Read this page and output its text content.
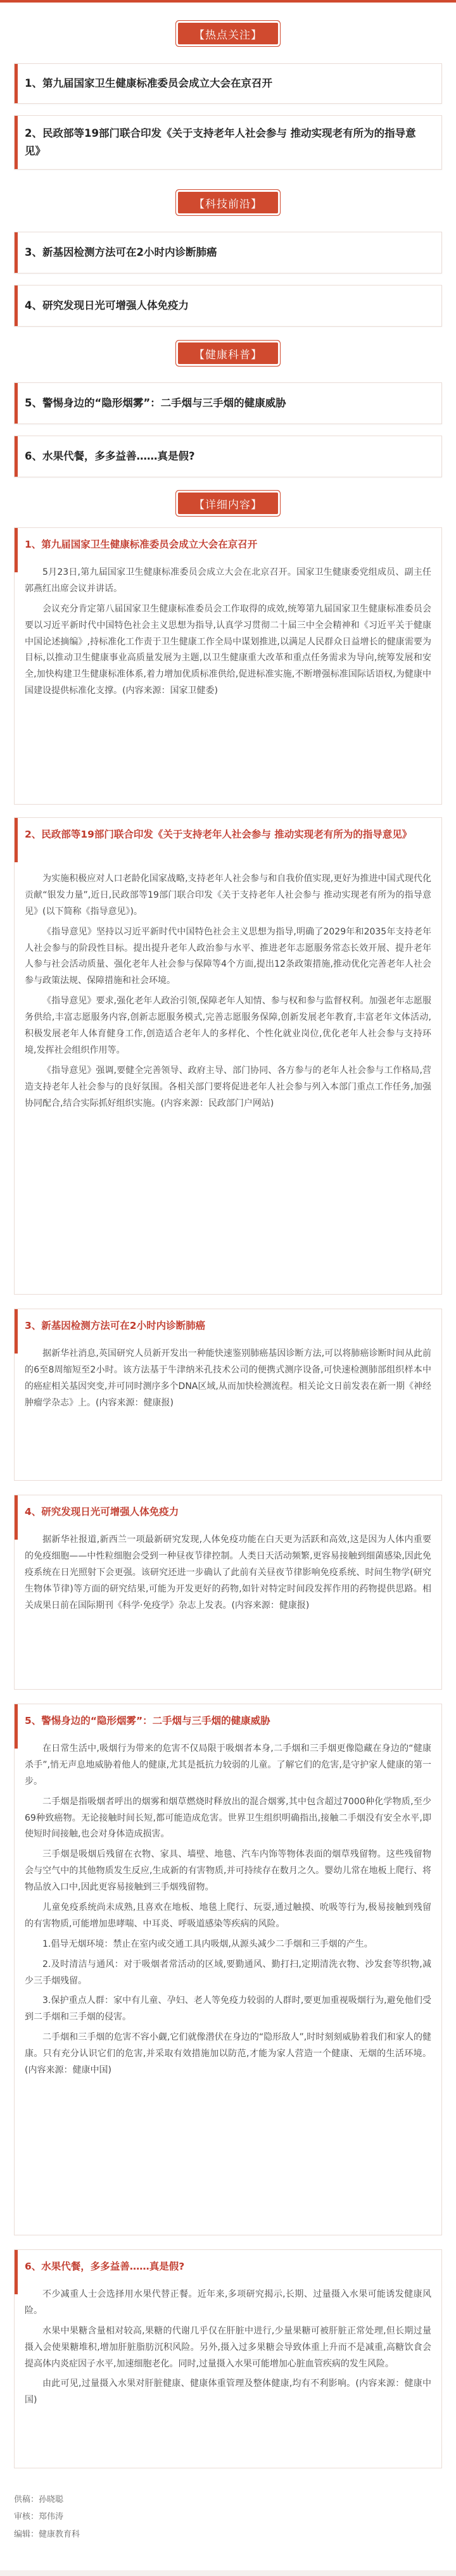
【热点关注】
1、第九届国家卫生健康标准委员会成立大会在京召开
2、民政部等19部门联合印发《关于支持老年人社会参与 推动实现老有所为的指导意见》
【科技前沿】
3、新基因检测方法可在2小时内诊断肺癌
4、研究发现日光可增强人体免疫力
【健康科普】
5、警惕身边的“隐形烟雾”：二手烟与三手烟的健康威胁
6、水果代餐，多多益善……真是假?
【详细内容】
1、第九届国家卫生健康标准委员会成立大会在京召开

5月23日,第九届国家卫生健康标准委员会成立大会在北京召开。国家卫生健康委党组成员、副主任郭燕红出席会议并讲话。

会议充分肯定第八届国家卫生健康标准委员会工作取得的成效,统筹第九届国家卫生健康标准委员会要以习近平新时代中国特色社会主义思想为指导,认真学习贯彻二十届三中全会精神和《习近平关于健康中国论述摘编》,持标准化工作责于卫生健康工作全局中谋划推进,以满足人民群众日益增长的健康需要为目标,以推动卫生健康事业高质量发展为主题,以卫生健康重大改革和重点任务需求为导向,统筹发展和安全,加快构建卫生健康标准体系,着力增加优质标准供给,促进标准实施,不断增强标准国际话语权,为健康中国建设提供标准化支撑。(内容来源：国家卫健委)

2、民政部等19部门联合印发《关于支持老年人社会参与 推动实现老有所为的指导意见》

为实施积极应对人口老龄化国家战略,支持老年人社会参与和自我价值实现,更好为推进中国式现代化贡献“银发力量”,近日,民政部等19部门联合印发《关于支持老年人社会参与 推动实现老有所为的指导意见》(以下简称《指导意见》)。

《指导意见》坚持以习近平新时代中国特色社会主义思想为指导,明确了2029年和2035年支持老年人社会参与的阶段性目标。提出提升老年人政治参与水平、推进老年志愿服务常态长效开展、提升老年人参与社会活动质量、强化老年人社会参与保障等4个方面,提出12条政策措施,推动优化完善老年人社会参与政策法规、保障措施和社会环境。

《指导意见》要求,强化老年人政治引领,保障老年人知情、参与权和参与监督权利。加强老年志愿服务供给,丰富志愿服务内容,创新志愿服务模式,完善志愿服务保障,创新发展老年教育,丰富老年文体活动,积极发展老年人体育健身工作,创造适合老年人的多样化、个性化就业岗位,优化老年人社会参与支持环境,发挥社会组织作用等。

《指导意见》强调,要健全完善领导、政府主导、部门协同、各方参与的老年人社会参与工作格局,营造支持老年人社会参与的良好氛围。各相关部门要将促进老年人社会参与列入本部门重点工作任务,加强协同配合,结合实际抓好组织实施。(内容来源：民政部门户网站)

3、新基因检测方法可在2小时内诊断肺癌

据新华社消息,英国研究人员新开发出一种能快速鉴别肺癌基因诊断方法,可以将肺癌诊断时间从此前的6至8周缩短至2小时。该方法基于牛津纳米孔技术公司的便携式测序设备,可快速检测肺部组织样本中的癌症相关基因突变,并可同时测序多个DNA区域,从而加快检测流程。相关论文日前发表在新一期《神经肿瘤学杂志》上。(内容来源：健康报)

4、研究发现日光可增强人体免疫力

据新华社报道,新西兰一项最新研究发现,人体免疫功能在白天更为活跃和高效,这是因为人体内重要的免疫细胞——中性粒细胞会受到一种昼夜节律控制。人类日天活动频繁,更容易接触到细菌感染,因此免疫系统在日光照射下会更强。该研究还进一步确认了此前有关昼夜节律影响免疫系统、时间生物学(研究生物体节律)等方面的研究结果,可能为开发更好的药物,如针对特定时间段发挥作用的药物提供思路。相关成果日前在国际期刊《科学·免疫学》杂志上发表。(内容来源：健康报)

5、警惕身边的“隐形烟雾”：二手烟与三手烟的健康威胁

在日常生活中,吸烟行为带来的危害不仅局限于吸烟者本身,二手烟和三手烟更像隐藏在身边的“健康杀手”,悄无声息地威胁着他人的健康,尤其是抵抗力较弱的儿童。了解它们的危害,是守护家人健康的第一步。

二手烟是指吸烟者呼出的烟雾和烟草燃烧时释放出的混合烟雾,其中包含超过7000种化学物质,至少69种致癌物。无论接触时间长短,都可能造成危害。世界卫生组织明确指出,接触二手烟没有安全水平,即使短时间接触,也会对身体造成损害。

三手烟是吸烟后残留在衣物、家具、墙壁、地毯、汽车内饰等物体表面的烟草残留物。这些残留物会与空气中的其他物质发生反应,生成新的有害物质,并可持续存在数月之久。婴幼儿常在地板上爬行、将物品放入口中,因此更容易接触到三手烟残留物。

儿童免疫系统尚未成熟,且喜欢在地板、地毯上爬行、玩耍,通过触摸、吮吸等行为,极易接触到残留的有害物质,可能增加患哮喘、中耳炎、呼吸道感染等疾病的风险。

1.倡导无烟环境：禁止在室内或交通工具内吸烟,从源头减少二手烟和三手烟的产生。

2.及时清洁与通风：对于吸烟者常活动的区域,要勤通风、勤打扫,定期清洗衣物、沙发套等织物,减少三手烟残留。

3.保护重点人群：家中有儿童、孕妇、老人等免疫力较弱的人群时,要更加重视吸烟行为,避免他们受到二手烟和三手烟的侵害。

二手烟和三手烟的危害不容小觑,它们就像潜伏在身边的“隐形敌人”,时时刻刻威胁着我们和家人的健康。只有充分认识它们的危害,并采取有效措施加以防范,才能为家人营造一个健康、无烟的生活环境。(内容来源：健康中国)

6、水果代餐，多多益善……真是假?

不少减重人士会选择用水果代替正餐。近年来,多项研究揭示,长期、过量摄入水果可能诱发健康风险。

水果中果糖含量相对较高,果糖的代谢几乎仅在肝脏中进行,少量果糖可被肝脏正常处理,但长期过量摄入会使果糖堆积,增加肝脏脂肪沉积风险。另外,摄入过多果糖会导致体重上升而不是减重,高糖饮食会提高体内炎症因子水平,加速细胞老化。同时,过量摄入水果可能增加心脏血管疾病的发生风险。

由此可见,过量摄入水果对肝脏健康、健康体重管理及整体健康,均有不利影响。(内容来源：健康中国)

供稿：孙晓聪
审核：郑伟涛
编辑：健康教育科
